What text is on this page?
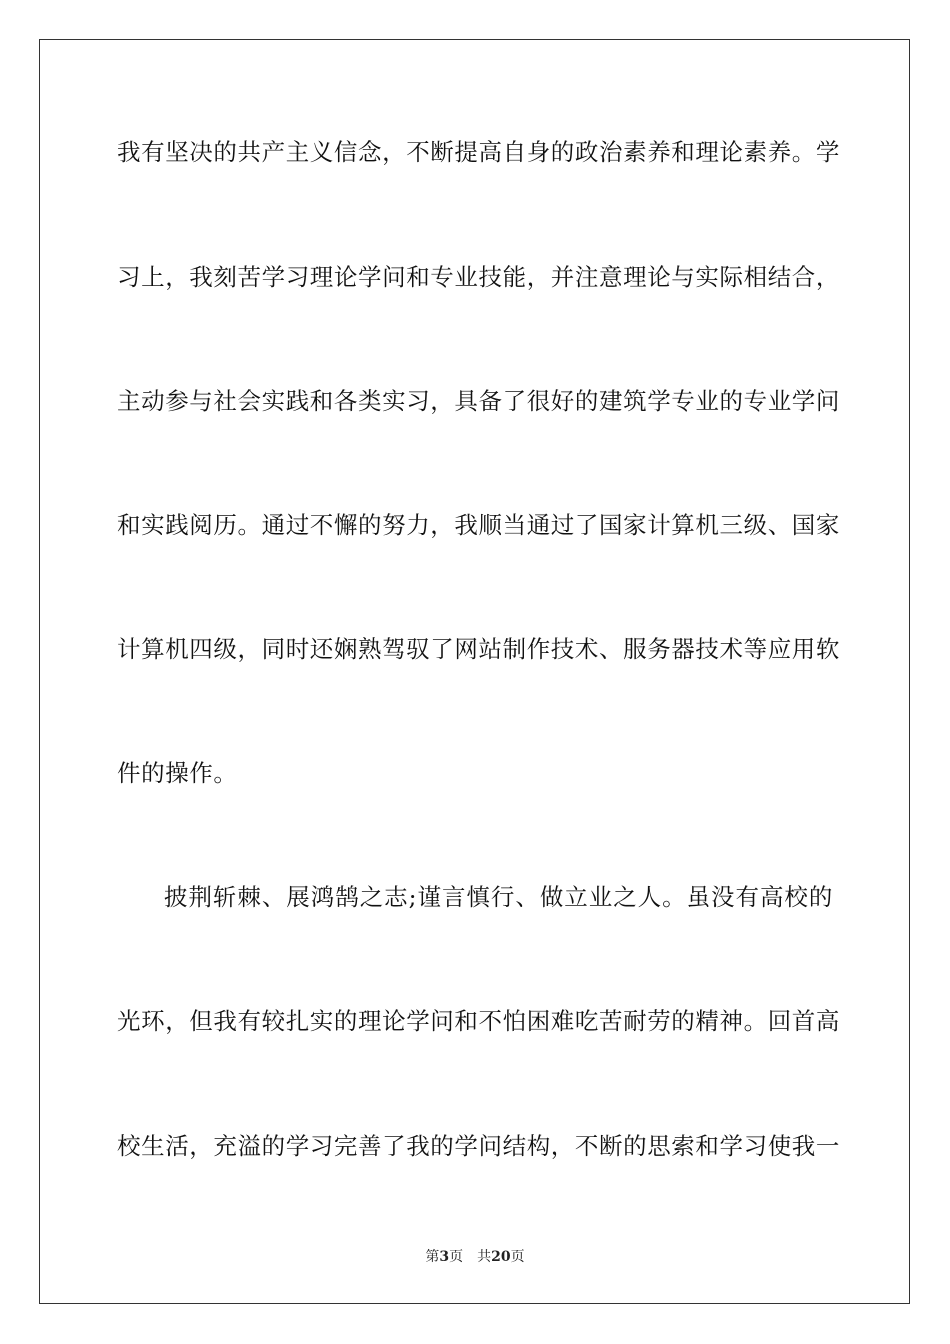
我有坚决的共产主义信念，不断提高自身的政治素养和理论素养。学
习上，我刻苦学习理论学问和专业技能，并注意理论与实际相结合，
主动参与社会实践和各类实习，具备了很好的建筑学专业的专业学问
和实践阅历。通过不懈的努力，我顺当通过了国家计算机三级、国家
计算机四级，同时还娴熟驾驭了网站制作技术、服务器技术等应用软
件的操作。
披荆斩棘、展鸿鹄之志;谨言慎行、做立业之人。虽没有高校的
光环，但我有较扎实的理论学问和不怕困难吃苦耐劳的精神。回首高
校生活，充溢的学习完善了我的学问结构，不断的思索和学习使我一
第3页 共20页
